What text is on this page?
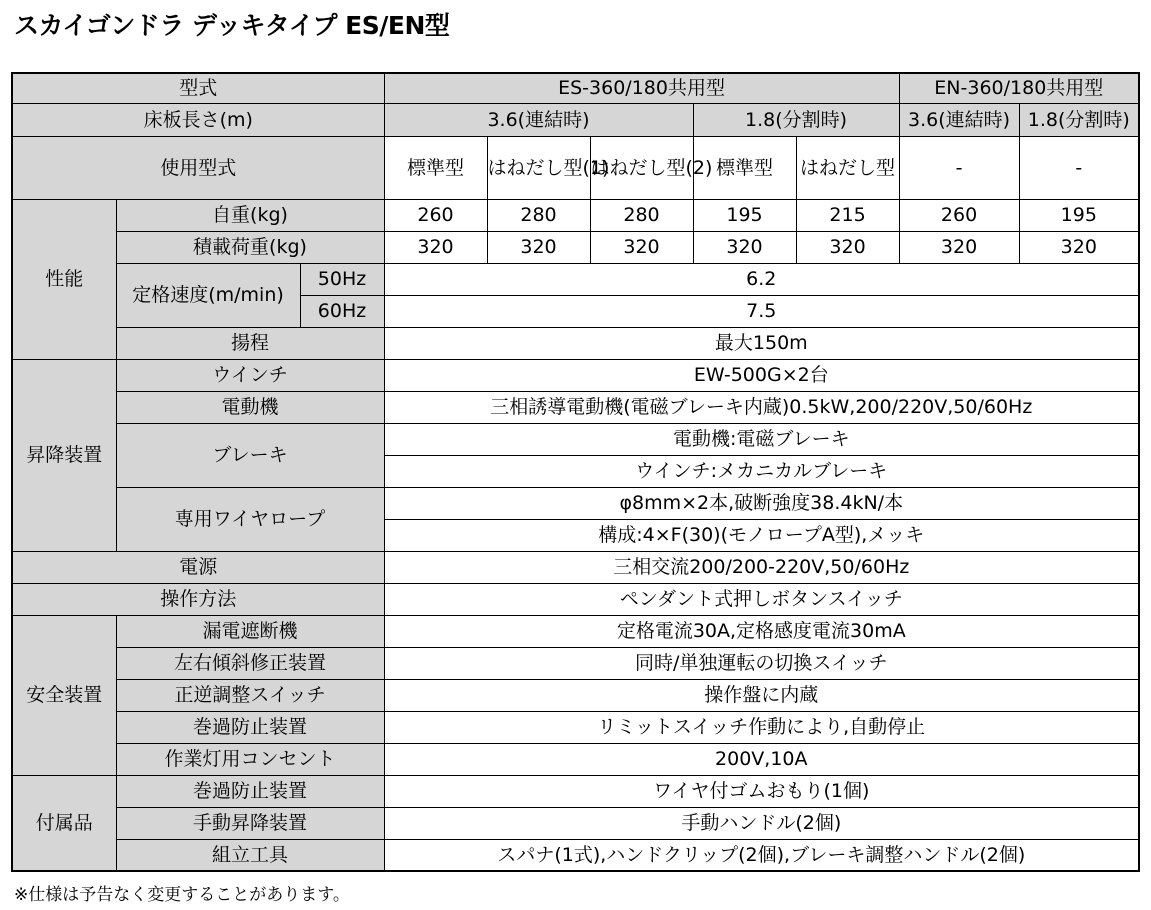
スカイゴンドラ デッキタイプ ES/EN型
型式			ES-360/180共用型					EN-360/180共用型	
床板長さ(m)			3.6(連結時)			1.8(分割時)		3.6(連結時)	1.8(分割時)
使用型式			標準型	はねだし型(1)	はねだし型(2)	標準型	はねだし型	-	-
性能	自重(kg)		260	280	280	195	215	260	195
	積載荷重(kg)		320	320	320	320	320	320	320
	定格速度(m/min)	50Hz	6.2						
		60Hz	7.5						
	揚程		最大150m						
昇降装置	ウインチ		EW-500G×2台						
	電動機		三相誘導電動機(電磁ブレーキ内蔵)0.5kW,200/220V,50/60Hz						
	ブレーキ		電動機:電磁ブレーキ						
			ウインチ:メカニカルブレーキ						
	専用ワイヤロープ		φ8mm×2本,破断強度38.4kN/本						
			構成:4×F(30)(モノロープA型),メッキ						
電源			三相交流200/200-220V,50/60Hz						
操作方法			ペンダント式押しボタンスイッチ						
安全装置	漏電遮断機		定格電流30A,定格感度電流30mA						
	左右傾斜修正装置		同時/単独運転の切換スイッチ						
	正逆調整スイッチ		操作盤に内蔵						
	巻過防止装置		リミットスイッチ作動により,自動停止						
	作業灯用コンセント		200V,10A						
付属品	巻過防止装置		ワイヤ付ゴムおもり(1個)						
	手動昇降装置		手動ハンドル(2個)						
	組立工具		スパナ(1式),ハンドクリップ(2個),ブレーキ調整ハンドル(2個)						
※仕様は予告なく変更することがあります。
